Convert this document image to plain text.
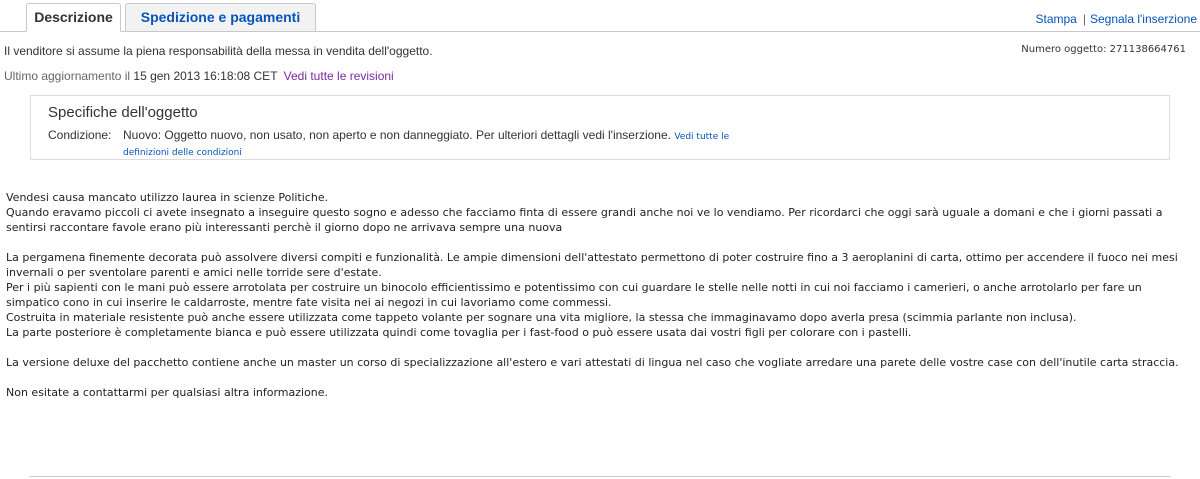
Descrizione	Spedizione e pagamenti	Stampa | Segnala l'inserzione
Il venditore si assume la piena responsabilità della messa in vendita dell'oggetto.	Numero oggetto: 271138664761
Ultimo aggiornamento il 15 gen 2013 16:18:08 CET Vedi tutte le revisioni
Specifiche dell'oggetto
Condizione: Nuovo: Oggetto nuovo, non usato, non aperto e non danneggiato. Per ulteriori dettagli vedi l'inserzione. Vedi tutte le definizioni delle condizioni

Vendesi causa mancato utilizzo laurea in scienze Politiche.

Quando eravamo piccoli ci avete insegnato a inseguire questo sogno e adesso che facciamo finta di essere grandi anche noi ve lo vendiamo. Per ricordarci che oggi sarà uguale a domani e che i giorni passati a sentirsi raccontare favole erano più interessanti perchè il giorno dopo ne arrivava sempre una nuova

La pergamena finemente decorata può assolvere diversi compiti e funzionalità. Le ampie dimensioni dell'attestato permettono di poter costruire fino a 3 aeroplanini di carta, ottimo per accendere il fuoco nei mesi invernali o per sventolare parenti e amici nelle torride sere d'estate.

Per i più sapienti con le mani può essere arrotolata per costruire un binocolo efficientissimo e potentissimo con cui guardare le stelle nelle notti in cui noi facciamo i camerieri, o anche arrotolarlo per fare un simpatico cono in cui inserire le caldarroste, mentre fate visita nei ai negozi in cui lavoriamo come commessi.

Costruita in materiale resistente può anche essere utilizzata come tappeto volante per sognare una vita migliore, la stessa che immaginavamo dopo averla presa (scimmia parlante non inclusa).

La parte posteriore è completamente bianca e può essere utilizzata quindi come tovaglia per i fast-food o può essere usata dai vostri figli per colorare con i pastelli.

La versione deluxe del pacchetto contiene anche un master un corso di specializzazione all'estero e vari attestati di lingua nel caso che vogliate arredare una parete delle vostre case con dell'inutile carta straccia.

Non esitate a contattarmi per qualsiasi altra informazione.
